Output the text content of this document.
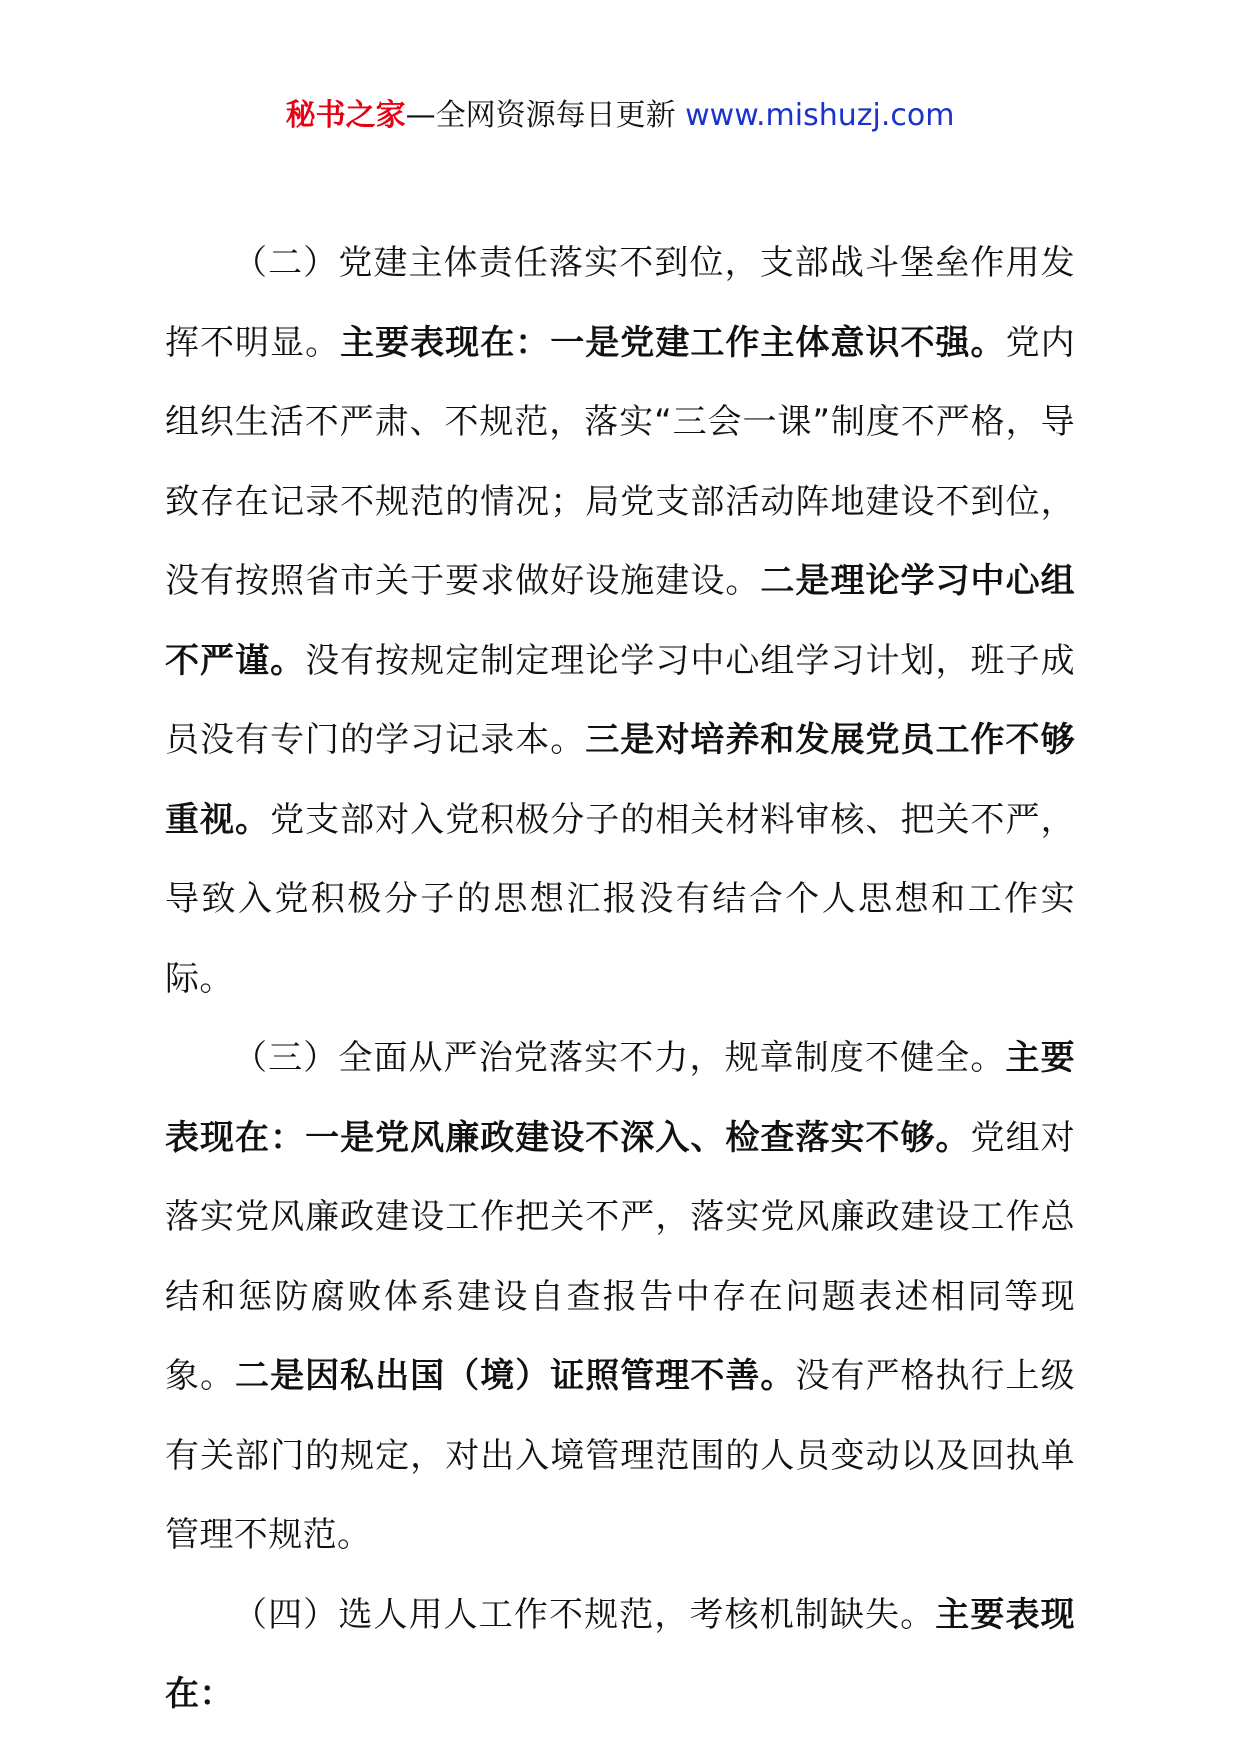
秘书之家—全网资源每日更新 www.mishuzj.com

（二）党建主体责任落实不到位，支部战斗堡垒作用发挥不明显。主要表现在：一是党建工作主体意识不强。党内组织生活不严肃、不规范，落实“三会一课”制度不严格，导致存在记录不规范的情况；局党支部活动阵地建设不到位，没有按照省市关于要求做好设施建设。二是理论学习中心组不严谨。没有按规定制定理论学习中心组学习计划，班子成员没有专门的学习记录本。三是对培养和发展党员工作不够重视。党支部对入党积极分子的相关材料审核、把关不严，导致入党积极分子的思想汇报没有结合个人思想和工作实际。

（三）全面从严治党落实不力，规章制度不健全。主要表现在：一是党风廉政建设不深入、检查落实不够。党组对落实党风廉政建设工作把关不严，落实党风廉政建设工作总结和惩防腐败体系建设自查报告中存在问题表述相同等现象。二是因私出国（境）证照管理不善。没有严格执行上级有关部门的规定，对出入境管理范围的人员变动以及回执单管理不规范。

（四）选人用人工作不规范，考核机制缺失。主要表现在：
